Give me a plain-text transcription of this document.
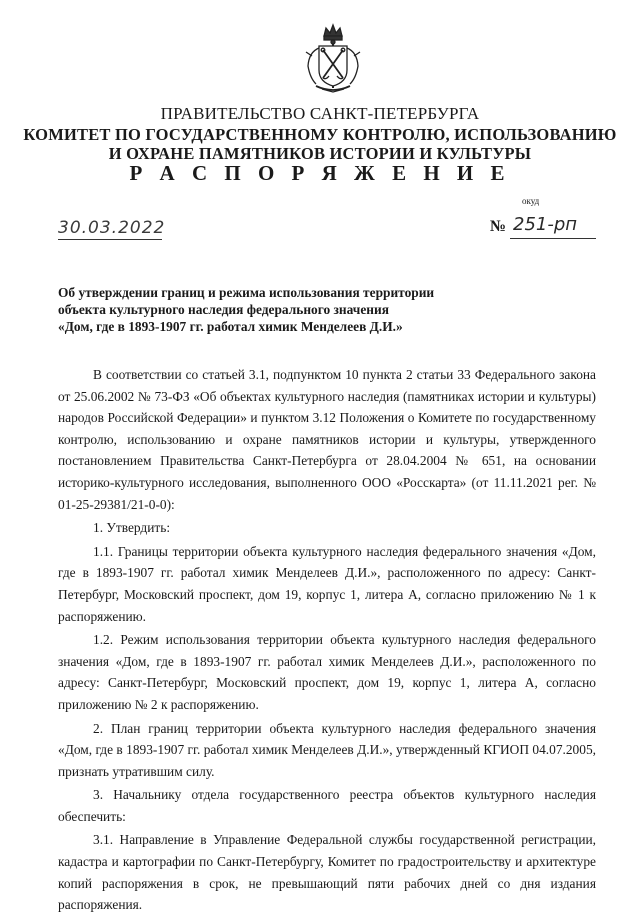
ПРАВИТЕЛЬСТВО САНКТ-ПЕТЕРБУРГА
КОМИТЕТ ПО ГОСУДАРСТВЕННОМУ КОНТРОЛЮ, ИСПОЛЬЗОВАНИЮ
И ОХРАНЕ ПАМЯТНИКОВ ИСТОРИИ И КУЛЬТУРЫ
Р А С П О Р Я Ж Е Н И Е
окуд
30.03.2022	№ 251-рп
Об утверждении границ и режима использования территории
объекта культурного наследия федерального значения
«Дом, где в 1893-1907 гг. работал химик Менделеев Д.И.»

В соответствии со статьей 3.1, подпунктом 10 пункта 2 статьи 33 Федерального закона от 25.06.2002 № 73-ФЗ «Об объектах культурного наследия (памятниках истории и культуры) народов Российской Федерации» и пунктом 3.12 Положения о Комитете по государственному контролю, использованию и охране памятников истории и культуры, утвержденного постановлением Правительства Санкт-Петербурга от 28.04.2004 № 651, на основании историко-культурного исследования, выполненного ООО «Росскарта» (от 11.11.2021 рег. № 01-25-29381/21-0-0):

1. Утвердить:

1.1. Границы территории объекта культурного наследия федерального значения «Дом, где в 1893-1907 гг. работал химик Менделеев Д.И.», расположенного по адресу: Санкт-Петербург, Московский проспект, дом 19, корпус 1, литера А, согласно приложению № 1 к распоряжению.

1.2. Режим использования территории объекта культурного наследия федерального значения «Дом, где в 1893-1907 гг. работал химик Менделеев Д.И.», расположенного по адресу: Санкт-Петербург, Московский проспект, дом 19, корпус 1, литера А, согласно приложению № 2 к распоряжению.

2. План границ территории объекта культурного наследия федерального значения «Дом, где в 1893-1907 гг. работал химик Менделеев Д.И.», утвержденный КГИОП 04.07.2005, признать утратившим силу.

3. Начальнику отдела государственного реестра объектов культурного наследия обеспечить:

3.1. Направление в Управление Федеральной службы государственной регистрации, кадастра и картографии по Санкт-Петербургу, Комитет по градостроительству и архитектуре копий распоряжения в срок, не превышающий пяти рабочих дней со дня издания распоряжения.
